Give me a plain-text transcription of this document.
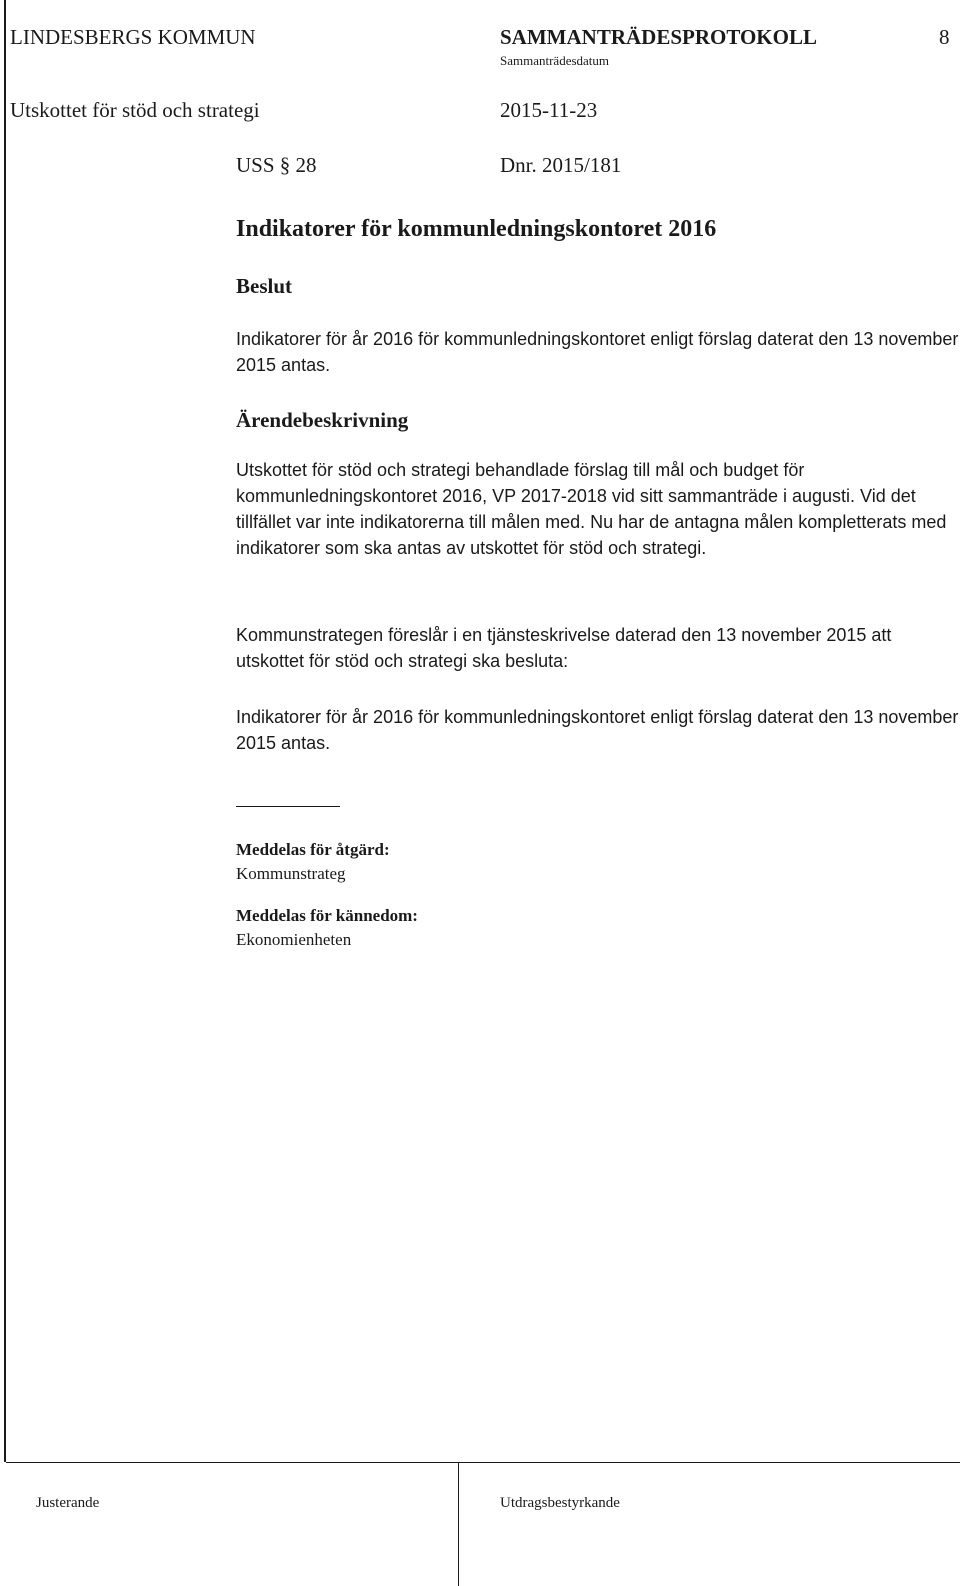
LINDESBERGS KOMMUN	SAMMANTRÄDESPROTOKOLL	8
Sammanträdesdatum
Utskottet för stöd och strategi	2015-11-23
USS § 28	Dnr. 2015/181
Indikatorer för kommunledningskontoret 2016
Beslut
Indikatorer för år 2016 för kommunledningskontoret enligt förslag daterat den 13 november 2015 antas.
Ärendebeskrivning
Utskottet för stöd och strategi behandlade förslag till mål och budget för kommunledningskontoret 2016, VP 2017-2018 vid sitt sammanträde i augusti. Vid det tillfället var inte indikatorerna till målen med. Nu har de antagna målen kompletterats med indikatorer som ska antas av utskottet för stöd och strategi.
Kommunstrategen föreslår i en tjänsteskrivelse daterad den 13 november 2015 att utskottet för stöd och strategi ska besluta:
Indikatorer för år 2016 för kommunledningskontoret enligt förslag daterat den 13 november 2015 antas.
Meddelas för åtgärd:
Kommunstrateg
Meddelas för kännedom:
Ekonomienheten
Justerande	Utdragsbestyrkande
